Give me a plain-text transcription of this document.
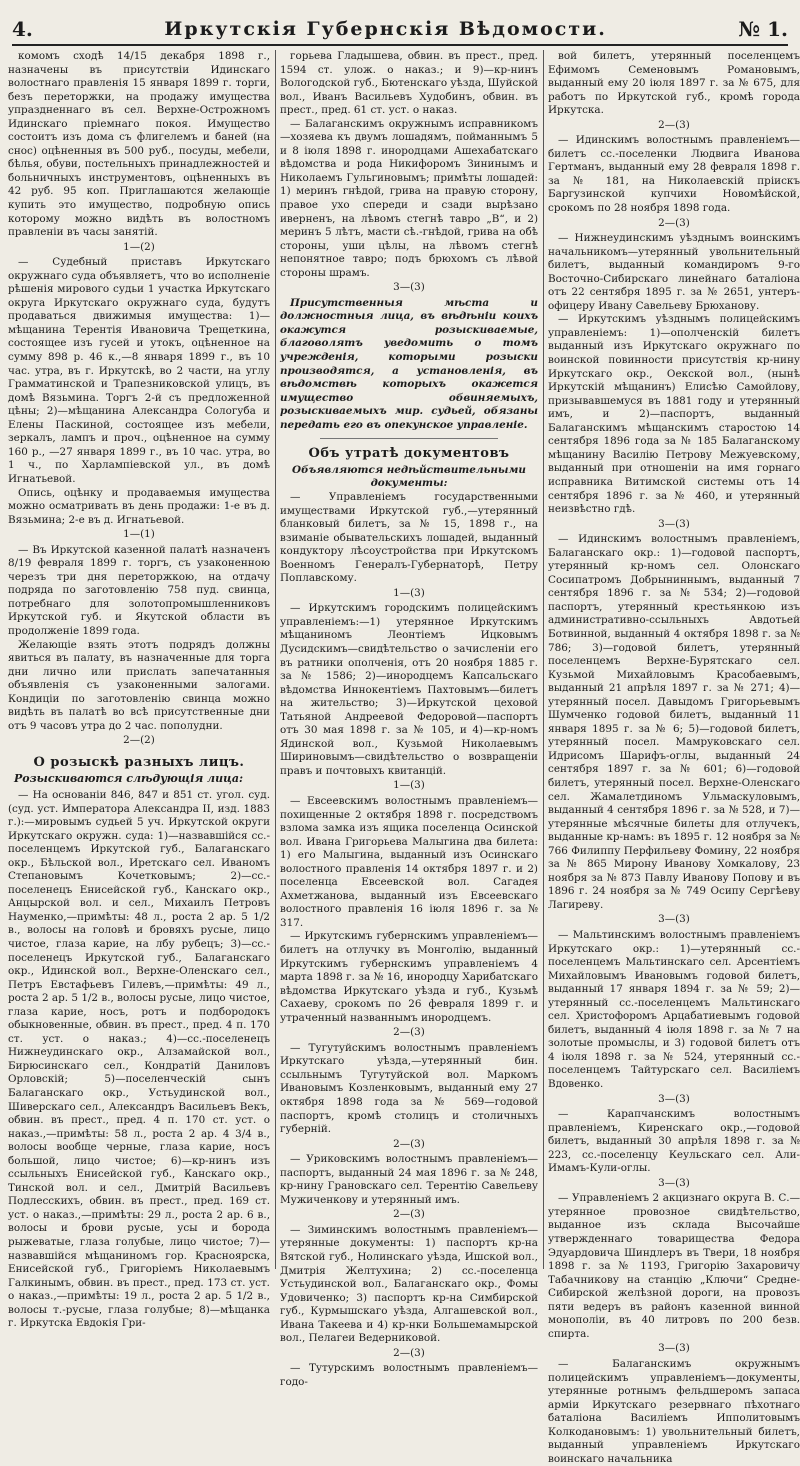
4.	Иркутскія Губернскія Вѣдомости.	№ 1.

комомъ сходѣ 14/15 декабря 1898 г., назначены въ присутствіи Идинскаго волостнаго правленія 15 января 1899 г. торги, безъ переторжки, на продажу имущества упраздненнаго въ сел. Верхне-Острожномъ Идинскаго пріемнаго покоя. Имущество состоитъ изъ дома съ флигелемъ и баней (на снос) оцѣненныя въ 500 руб., посуды, мебели, бѣлья, обуви, постельныхъ принадлежностей и больничныхъ инструментовъ, оцѣненныхъ въ 42 руб. 95 коп. Приглашаются желающіе купить это имущество, подробную опись которому можно видѣть въ волостномъ правленіи въ часы занятій.

1—(2)

— Судебный приставъ Иркутскаго окружнаго суда объявляетъ, что во исполненіе рѣшенія мирового судьи 1 участка Иркутскаго округа Иркутскаго окружнаго суда, будутъ продаваться движимыя имущества: 1)—мѣщанина Терентія Ивановича Трещеткина, состоящее изъ гусей и утокъ, оцѣненное на сумму 898 р. 46 к.,—8 января 1899 г., въ 10 час. утра, въ г. Иркутскѣ, во 2 части, на углу Грамматинской и Трапезниковской улицъ, въ домѣ Вязьмина. Торгъ 2-й съ предложенной цѣны; 2)—мѣщанина Александра Сологуба и Елены Паскиной, состоящее изъ мебели, зеркалъ, лампъ и проч., оцѣненное на сумму 160 р., —27 января 1899 г., въ 10 час. утра, во 1 ч., по Харлампіевской ул., въ домѣ Игнатьевой.

Опись, оцѣнку и продаваемыя имущества можно осматривать въ день продажи: 1-е въ д. Вязьмина; 2-е въ д. Игнатьевой.

1—(1)

— Въ Иркутской казенной палатѣ назначенъ 8/19 февраля 1899 г. торгъ, съ узаконенною черезъ три дня переторжкою, на отдачу подряда по заготовленію 758 пуд. свинца, потребнаго для золотопромышленниковъ Иркутской губ. и Якутской области въ продолженіе 1899 года.

Желающіе взять этотъ подрядъ должны явиться въ палату, въ назначенные для торга дни лично или прислать запечатанныя объявленія съ узаконенными залогами. Кондиціи по заготовленію свинца можно видѣть въ палатѣ во всѣ присутственные дни отъ 9 часовъ утра до 2 час. пополудни.

2—(2)

О розыскѣ разныхъ лицъ.
Розыскиваются слѣдующія лица:

— На основаніи 846, 847 и 851 ст. угол. суд. (суд. уст. Императора Александра II, изд. 1883 г.):—мировымъ судьей 5 уч. Иркутской округи Иркутскаго окружн. суда: 1)—назвавшійся сс.-поселенцемъ Иркутской губ., Балаганскаго окр., Бѣльской вол., Иретскаго сел. Иваномъ Степановымъ Кочетковымъ; 2)—сс.-поселенецъ Енисейской губ., Канскаго окр., Анцырской вол. и сел., Михаилъ Петровъ Науменко,—примѣты: 48 л., роста 2 ар. 5 1/2 в., волосы на головѣ и бровяхъ русые, лицо чистое, глаза карие, на лбу рубецъ; 3)—сс.-поселенецъ Иркутской губ., Балаганскаго окр., Идинской вол., Верхне-Оленскаго сел., Петръ Евстафьевъ Гилевъ,—примѣты: 49 л., роста 2 ар. 5 1/2 в., волосы русые, лицо чистое, глаза карие, носъ, ротъ и подбородокъ обыкновенные, обвин. въ прест., пред. 4 п. 170 ст. уст. о наказ.; 4)—сс.-поселенецъ Нижнеудинскаго окр., Алзамайской вол., Бирюсинскаго сел., Кондратій Даниловъ Орловскій; 5)—поселенческій сынъ Балаганскаго окр., Устьудинской вол., Шиверскаго сел., Александръ Васильевъ Векъ, обвин. въ прест., пред. 4 п. 170 ст. уст. о наказ.,—примѣты: 58 л., роста 2 ар. 4 3/4 в., волосы вообще черные, глаза карие, носъ большой, лицо чистое; 6)—кр-нинъ изъ ссыльныхъ Енисейской губ., Канскаго окр., Тинской вол. и сел., Дмитрій Васильевъ Подлесскихъ, обвин. въ прест., пред. 169 ст. уст. о наказ.,—примѣты: 29 л., роста 2 ар. 6 в., волосы и брови русые, усы и борода рыжеватые, глаза голубые, лицо чистое; 7)—назвавшійся мѣщаниномъ гор. Красноярска, Енисейской губ., Григоріемъ Николаевымъ Галкинымъ, обвин. въ прест., пред. 173 ст. уст. о наказ.,—примѣты: 19 л., роста 2 ар. 5 1/2 в., волосы т.-русые, глаза голубые; 8)—мѣщанка г. Иркутска Евдокія Гри-

горьева Гладышева, обвин. въ прест., пред. 1594 ст. улож. о наказ.; и 9)—кр-нинъ Вологодской губ., Бютенскаго уѣзда, Шуйской вол., Иванъ Васильевъ Худобинъ, обвин. въ прест., пред. 61 ст. уст. о наказ.

— Балаганскимъ окружнымъ исправникомъ—хозяева къ двумъ лошадямъ, пойманнымъ 5 и 8 іюля 1898 г. инородцами Ашехабатскаго вѣдомства и рода Никифоромъ Зининымъ и Николаемъ Гульгиновымъ; примѣты лошадей: 1) меринъ гнѣдой, грива на правую сторону, правое ухо спереди и сзади вырѣзано иверненъ, на лѣвомъ стегнѣ тавро „В“, и 2) меринъ 5 лѣтъ, масти сѣ.-гнѣдой, грива на обѣ стороны, уши цѣлы, на лѣвомъ стегнѣ непонятное тавро; подъ брюхомъ съ лѣвой стороны шрамъ.

3—(3)

Присутственныя мѣста и должностныя лица, въ вѣдѣніи коихъ окажутся розыскиваемые, благоволятъ уведомить о томъ учрежденія, которыми розыски производятся, а установленія, въ вѣдомствѣ которыхъ окажется имущество обвиняемыхъ, розыскиваемыхъ мир. судьей, обязаны передать его въ опекунское управленіе.

Объ утратѣ документовъ

Объявляются недѣйствительными документы:

— Управленіемъ государственными имуществами Иркутской губ.,—утерянный бланковый билетъ, за № 15, 1898 г., на взиманіе обывательскихъ лошадей, выданный кондуктору лѣсоустройства при Иркутскомъ Военномъ Генералъ-Губернаторѣ, Петру Поплавскому.

1—(3)

— Иркутскимъ городскимъ полицейскимъ управленіемъ:—1) утерянное Иркутскимъ мѣщаниномъ Леонтіемъ Ицковымъ Дусидскимъ—свидѣтельство о зачисленіи его въ ратники ополченія, отъ 20 ноября 1885 г. за № 1586; 2)—инородцемъ Капсальскаго вѣдомства Иннокентіемъ Пахтовымъ—билетъ на жительство; 3)—Иркутской цеховой Татьяной Андреевой Федоровой—паспортъ отъ 30 мая 1898 г. за № 105, и 4)—кр-номъ Ядинской вол., Кузьмой Николаевымъ Шириновымъ—свидѣтельство о возвращеніи правъ и почтовыхъ квитанцій.

1—(3)

— Евсеевскимъ волостнымъ правленіемъ—похищенные 2 октября 1898 г. посредствомъ взлома замка изъ ящика поселенца Осинской вол. Ивана Григорьева Малыгина два билета: 1) его Малыгина, выданный изъ Осинскаго волостного правленія 14 октября 1897 г. и 2) поселенца Евсеевской вол. Сагадея Ахметжанова, выданный изъ Евсеевскаго волостного правленія 16 іюля 1896 г. за № 317.

— Иркутскимъ губернскимъ управленіемъ—билетъ на отлучку въ Монголію, выданный Иркутскимъ губернскимъ управленіемъ 4 марта 1898 г. за № 16, инородцу Харибатскаго вѣдомства Иркутскаго уѣзда и губ., Кузьмѣ Сахаеву, срокомъ по 26 февраля 1899 г. и утраченный названнымъ инородцемъ.

2—(3)

— Тугутуйскимъ волостнымъ правленіемъ Иркутскаго уѣзда,—утерянный бин. ссыльнымъ Тугутуйской вол. Маркомъ Ивановымъ Козленковымъ, выданный ему 27 октября 1898 года за № 569—годовой паспортъ, кромѣ столицъ и столичныхъ губерній.

2—(3)

— Уриковскимъ волостнымъ правленіемъ—паспортъ, выданный 24 мая 1896 г. за № 248, кр-нину Грановскаго сел. Терентію Савельеву Мужиченкову и утерянный имъ.

2—(3)

— Зиминскимъ волостнымъ правленіемъ—утерянные документы: 1) паспортъ кр-на Вятской губ., Нолинскаго уѣзда, Ишской вол., Дмитрія Желтухина; 2) сс.-поселенца Устьудинской вол., Балаганскаго окр., Фомы Удовиченко; 3) паспортъ кр-на Симбирской губ., Курмышскаго уѣзда, Алгашевской вол., Ивана Такеева и 4) кр-нки Большемамырской вол., Пелагеи Ведерниковой.

2—(3)

— Тутурскимъ волостнымъ правленіемъ—годо-

вой билетъ, утерянный поселенцемъ Ефимомъ Семеновымъ Романовымъ, выданный ему 20 іюля 1897 г. за № 675, для работъ по Иркутской губ., кромѣ города Иркутска.

2—(3)

— Идинскимъ волостнымъ правленіемъ—билетъ сс.-поселенки Людвига Ивановa Гертманъ, выданный ему 28 февраля 1898 г. за № 181, на Николаевскій пріискъ Баргузинской купчихи Новомѣйской, срокомъ по 28 ноября 1898 года.

2—(3)

— Нижнеудинскимъ уѣзднымъ воинскимъ начальникомъ—утерянный увольнительный билетъ, выданный командиромъ 9-го Восточно-Сибирскаго линейнаго баталіона отъ 22 сентября 1895 г. за № 2651, унтеръ-офицеру Ивану Савельеву Брюханову.

— Иркутскимъ уѣзднымъ полицейскимъ управленіемъ: 1)—ополченскій билетъ выданный изъ Иркутскаго окружнаго по воинской повинности присутствія кр-нину Иркутскаго окр., Оекской вол., (нынѣ Иркутскій мѣщанинъ) Елисѣю Самойлову, призывавшемуся въ 1881 году и утерянный имъ, и 2)—паспортъ, выданный Балаганскимъ мѣщанскимъ старостою 14 сентября 1896 года за № 185 Балаганскому мѣщанину Василію Петрову Межуевскому, выданный при отношеніи на имя горнаго исправника Витимской системы отъ 14 сентября 1896 г. за № 460, и утерянный неизвѣстно гдѣ.

3—(3)

— Идинскимъ волостнымъ правленіемъ, Балаганскаго окр.: 1)—годовой паспортъ, утерянный кр-номъ сел. Олонскаго Сосипатромъ Добрыниннымъ, выданный 7 сентября 1896 г. за № 534; 2)—годовой паспортъ, утерянный крестьянкою изъ административно-ссыльныхъ Авдотьей Ботвинной, выданный 4 октября 1898 г. за № 786; 3)—годовой билетъ, утерянный поселенцемъ Верхне-Бурятскаго сел. Кузьмой Михайловымъ Красобаевымъ, выданный 21 апрѣля 1897 г. за № 271; 4)—утерянный посел. Давыдомъ Григорьевымъ Шумченко годовой билетъ, выданный 11 января 1895 г. за № 6; 5)—годовой билетъ, утерянный посел. Мамруковскаго сел. Идрисомъ Шарифъ-оглы, выданный 24 сентября 1897 г. за № 601; 6)—годовой билетъ, утерянный посел. Верхне-Оленскаго сел. Жамалетдиномъ Ульмаскуловымъ, выданный 4 сентября 1896 г. за № 528, и 7)—утерянные мѣсячные билеты для отлучекъ, выданные кр-намъ: въ 1895 г. 12 ноября за № 766 Филиппу Перфильеву Фомину, 22 ноября за № 865 Мирону Иванову Хомкалову, 23 ноября за № 873 Павлу Иванову Попову и въ 1896 г. 24 ноября за № 749 Осипу Сергѣеву Лагиреву.

3—(3)

— Мальтинскимъ волостнымъ правленіемъ Иркутскаго окр.: 1)—утерянный сс.-поселенцемъ Мальтинскаго сел. Арсентіемъ Михайловымъ Ивановымъ годовой билетъ, выданный 17 января 1894 г. за № 59; 2)—утерянный сс.-поселенцемъ Мальтинскаго сел. Христофоромъ Арцабатиевымъ годовой билетъ, выданный 4 іюля 1898 г. за № 7 на золотые промыслы, и 3) годовой билетъ отъ 4 іюля 1898 г. за № 524, утерянный сс.-поселенцемъ Тайтурскаго сел. Василіемъ Вдовенко.

3—(3)

— Карапчанскимъ волостнымъ правленіемъ, Киренскаго окр.,—годовой билетъ, выданный 30 апрѣля 1898 г. за № 223, сс.-поселенцу Кеульскаго сел. Али-Имамъ-Кули-оглы.

3—(3)

— Управленіемъ 2 акцизнаго округа В. С.—утерянное провозное свидѣтельство, выданное изъ склада Высочайше утвержденнаго товарищества Федора Эдуардовича Шиндлеръ въ Твери, 18 ноября 1898 г. за № 1193, Григорію Захаровичу Табачникову на станцію „Ключи“ Средне-Сибирской желѣзной дороги, на провозъ пяти ведеръ въ районъ казенной винной монополіи, въ 40 литровъ по 200 безв. спирта.

3—(3)

— Балаганскимъ окружнымъ полицейскимъ управленіемъ—документы, утерянные ротнымъ фельдшеромъ запаса арміи Иркутскаго резервнаго пѣхотнаго баталіона Василіемъ Ипполитовымъ Колкодановымъ: 1) увольнительный билетъ, выданный управленіемъ Иркутскаго воинскаго начальника
